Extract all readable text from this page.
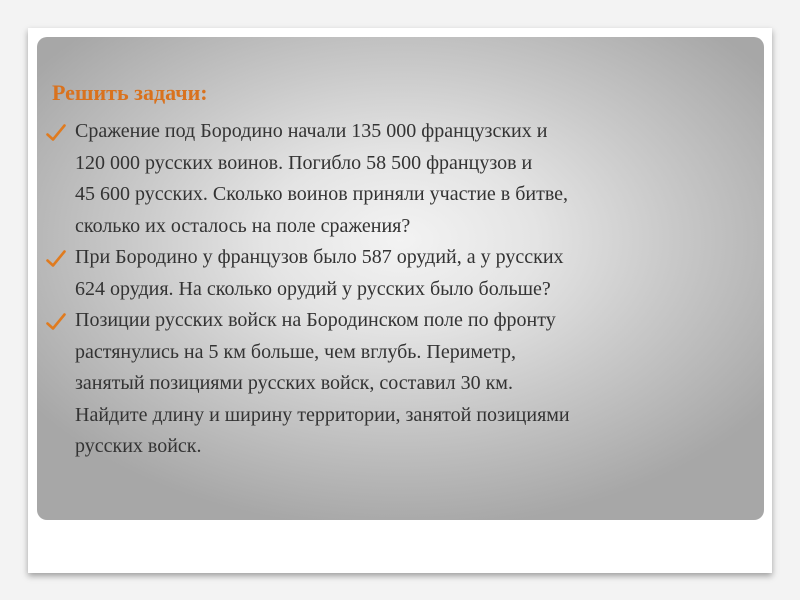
Решить задачи:
Сражение под Бородино начали 135 000 французских и
120 000 русских воинов. Погибло 58 500 французов и
45 600 русских. Сколько воинов приняли участие в битве,
сколько их осталось на поле сражения?
При Бородино у французов было 587 орудий, а у русских
624 орудия. На сколько орудий у русских было больше?
Позиции русских войск на Бородинском поле по фронту
растянулись на 5 км больше, чем вглубь. Периметр,
занятый позициями русских войск, составил 30 км.
Найдите длину и ширину территории, занятой позициями
русских войск.
